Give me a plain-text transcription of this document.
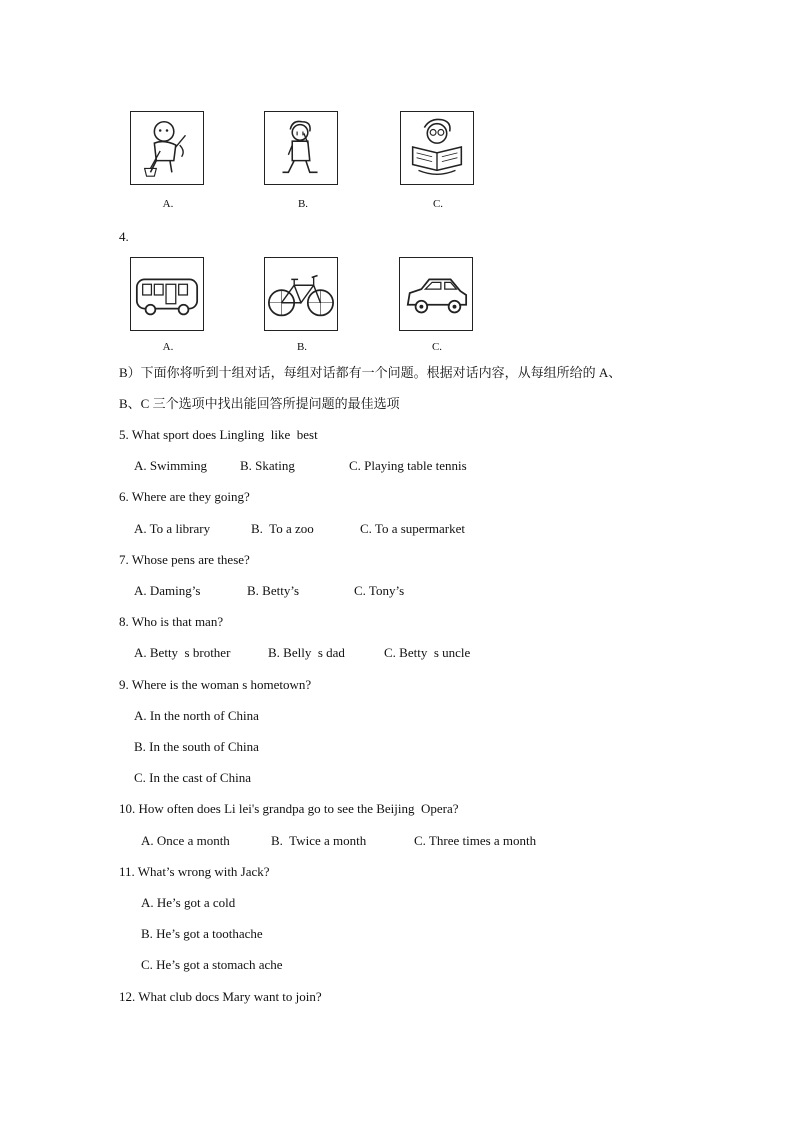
A.	B.	C.
4.
A.	B.	C.
B）下面你将听到十组对话，每组对话都有一个问题。根据对话内容，从每组所给的 A、
B、C 三个选项中找出能回答所提问题的最佳选项
5. What sport does Lingling  like  best
A. Swimming	B. Skating	C. Playing table tennis
6. Where are they going?
A. To a library	B.  To a zoo	C. To a supermarket
7. Whose pens are these?
A. Daming’s	B. Betty’s	C. Tony’s
8. Who is that man?
A. Betty  s brother	B. Belly  s dad	C. Betty  s uncle
9. Where is the woman s hometown?
A. In the north of China
B. In the south of China
C. In the cast of China
10. How often does Li lei's grandpa go to see the Beijing  Opera?
A. Once a month	B.  Twice a month	C. Three times a month
11. What’s wrong with Jack?
A. He’s got a cold
B. He’s got a toothache
C. He’s got a stomach ache
12. What club docs Mary want to join?
